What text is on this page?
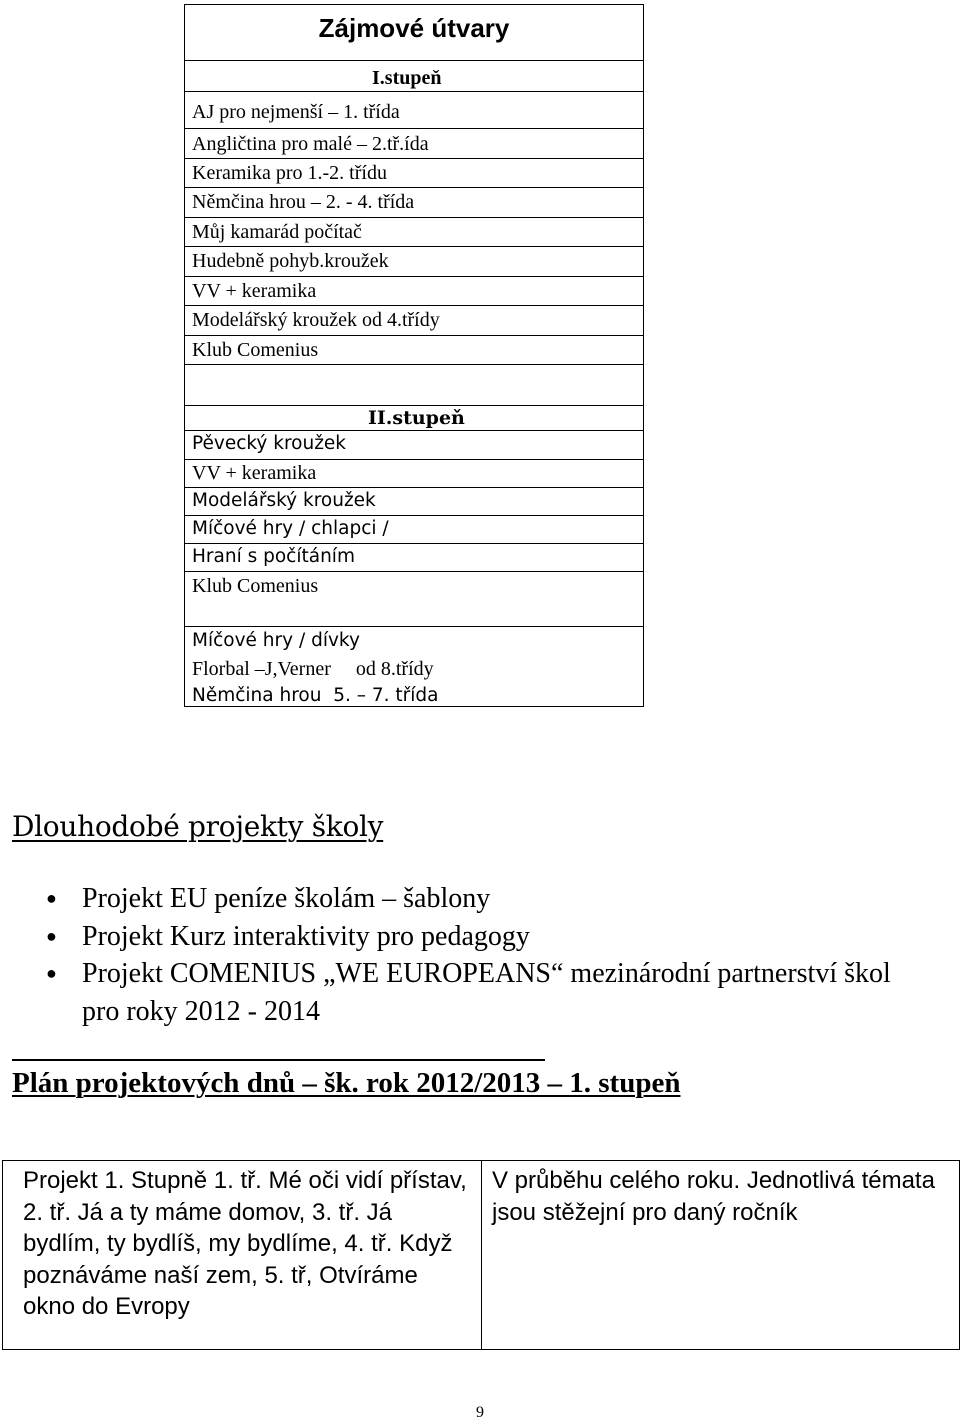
Zájmové útvary
I.stupeň
AJ pro nejmenší – 1. třída
Angličtina pro malé – 2.tř.ída
Keramika pro 1.-2. třídu
Němčina hrou – 2. - 4. třída
Můj kamarád počítač
Hudebně pohyb.kroužek
VV + keramika
Modelářský kroužek od 4.třídy
Klub Comenius
II.stupeň
Pěvecký kroužek
VV + keramika
Modelářský kroužek
Míčové hry / chlapci /
Hraní s počítáním
Klub Comenius
Míčové hry / dívky
Florbal –J,Verner     od 8.třídy
Němčina hrou  5. – 7. třída
Dlouhodobé projekty školy
● Projekt EU peníze školám – šablony
● Projekt Kurz interaktivity pro pedagogy
● Projekt COMENIUS „WE EUROPEANS“ mezinárodní partnerství škol pro roky 2012 - 2014
Plán projektových dnů – šk. rok 2012/2013 – 1. stupeň

Projekt 1. Stupně 1. tř. Mé oči vidí přístav, 2. tř. Já a ty máme domov, 3. tř. Já bydlím, ty bydlíš, my bydlíme, 4. tř. Když poznáváme naší zem, 5. tř, Otvíráme okno do Evropy

V průběhu celého roku. Jednotlivá témata jsou stěžejní pro daný ročník

9
